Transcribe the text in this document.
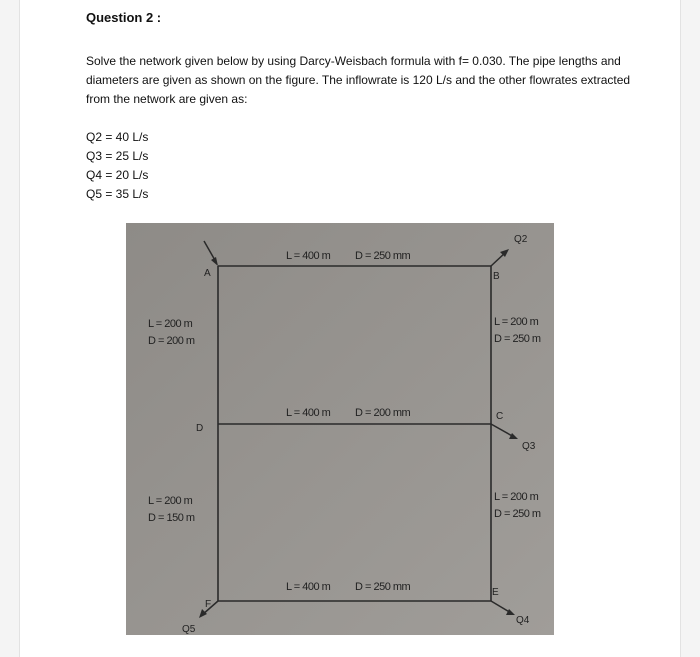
Question 2 :
Solve the network given below by using Darcy-Weisbach formula with f= 0.030. The pipe lengths and diameters are given as shown on the figure. The inflowrate is 120 L/s and the other flowrates extracted from the network are given as:
Q2 = 40 L/s
Q3 = 25 L/s
Q4 = 20 L/s
Q5 = 35 L/s
A	B
C
D
E
F
Q2
Q3
Q4
Q5
L = 400 m D = 250 mm
L = 400 m D = 200 mm
L = 400 m D = 250 mm
L = 200 m
D = 200 m
L = 200 m
D = 150 m
L = 200 m
D = 250 m
L = 200 m
D = 250 m
